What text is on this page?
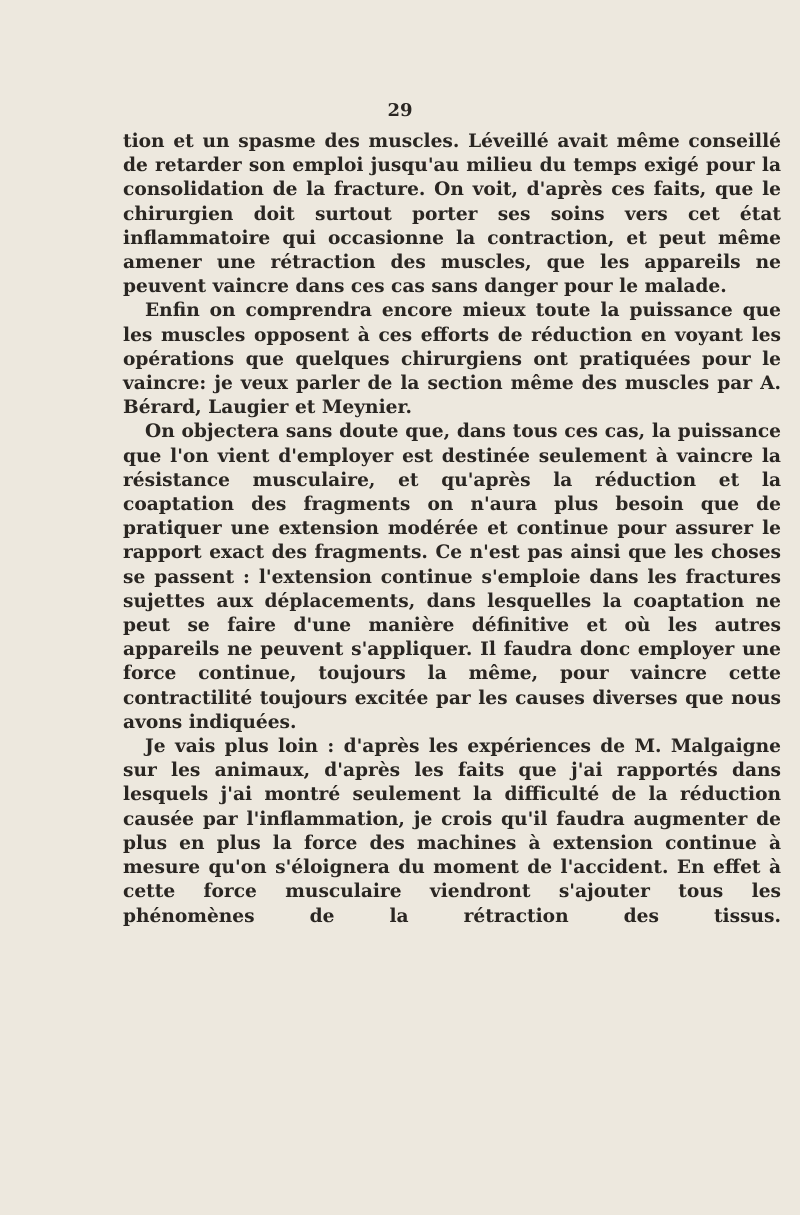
29

tion et un spasme des muscles. Léveillé avait même conseillé de retarder son emploi jusqu'au milieu du temps exigé pour la consolidation de la fracture. On voit, d'après ces faits, que le chirurgien doit surtout porter ses soins vers cet état inflammatoire qui occasionne la contraction, et peut même amener une rétraction des muscles, que les appareils ne peuvent vaincre dans ces cas sans danger pour le malade.

Enfin on comprendra encore mieux toute la puissance que les muscles opposent à ces efforts de réduction en voyant les opérations que quelques chirurgiens ont pratiquées pour le vaincre: je veux parler de la section même des muscles par A. Bérard, Laugier et Meynier.

On objectera sans doute que, dans tous ces cas, la puissance que l'on vient d'employer est destinée seulement à vaincre la résistance musculaire, et qu'après la réduction et la coaptation des fragments on n'aura plus besoin que de pratiquer une extension modérée et continue pour assurer le rapport exact des fragments. Ce n'est pas ainsi que les choses se passent : l'extension continue s'emploie dans les fractures sujettes aux déplacements, dans lesquelles la coaptation ne peut se faire d'une manière définitive et où les autres appareils ne peuvent s'appliquer. Il faudra donc employer une force continue, toujours la même, pour vaincre cette contractilité toujours excitée par les causes diverses que nous avons indiquées.

Je vais plus loin : d'après les expériences de M. Malgaigne sur les animaux, d'après les faits que j'ai rapportés dans lesquels j'ai montré seulement la difficulté de la réduction causée par l'inflammation, je crois qu'il faudra augmenter de plus en plus la force des machines à extension continue à mesure qu'on s'éloignera du moment de l'accident. En effet à cette force musculaire viendront s'ajouter tous les phénomènes de la rétraction des tissus.
